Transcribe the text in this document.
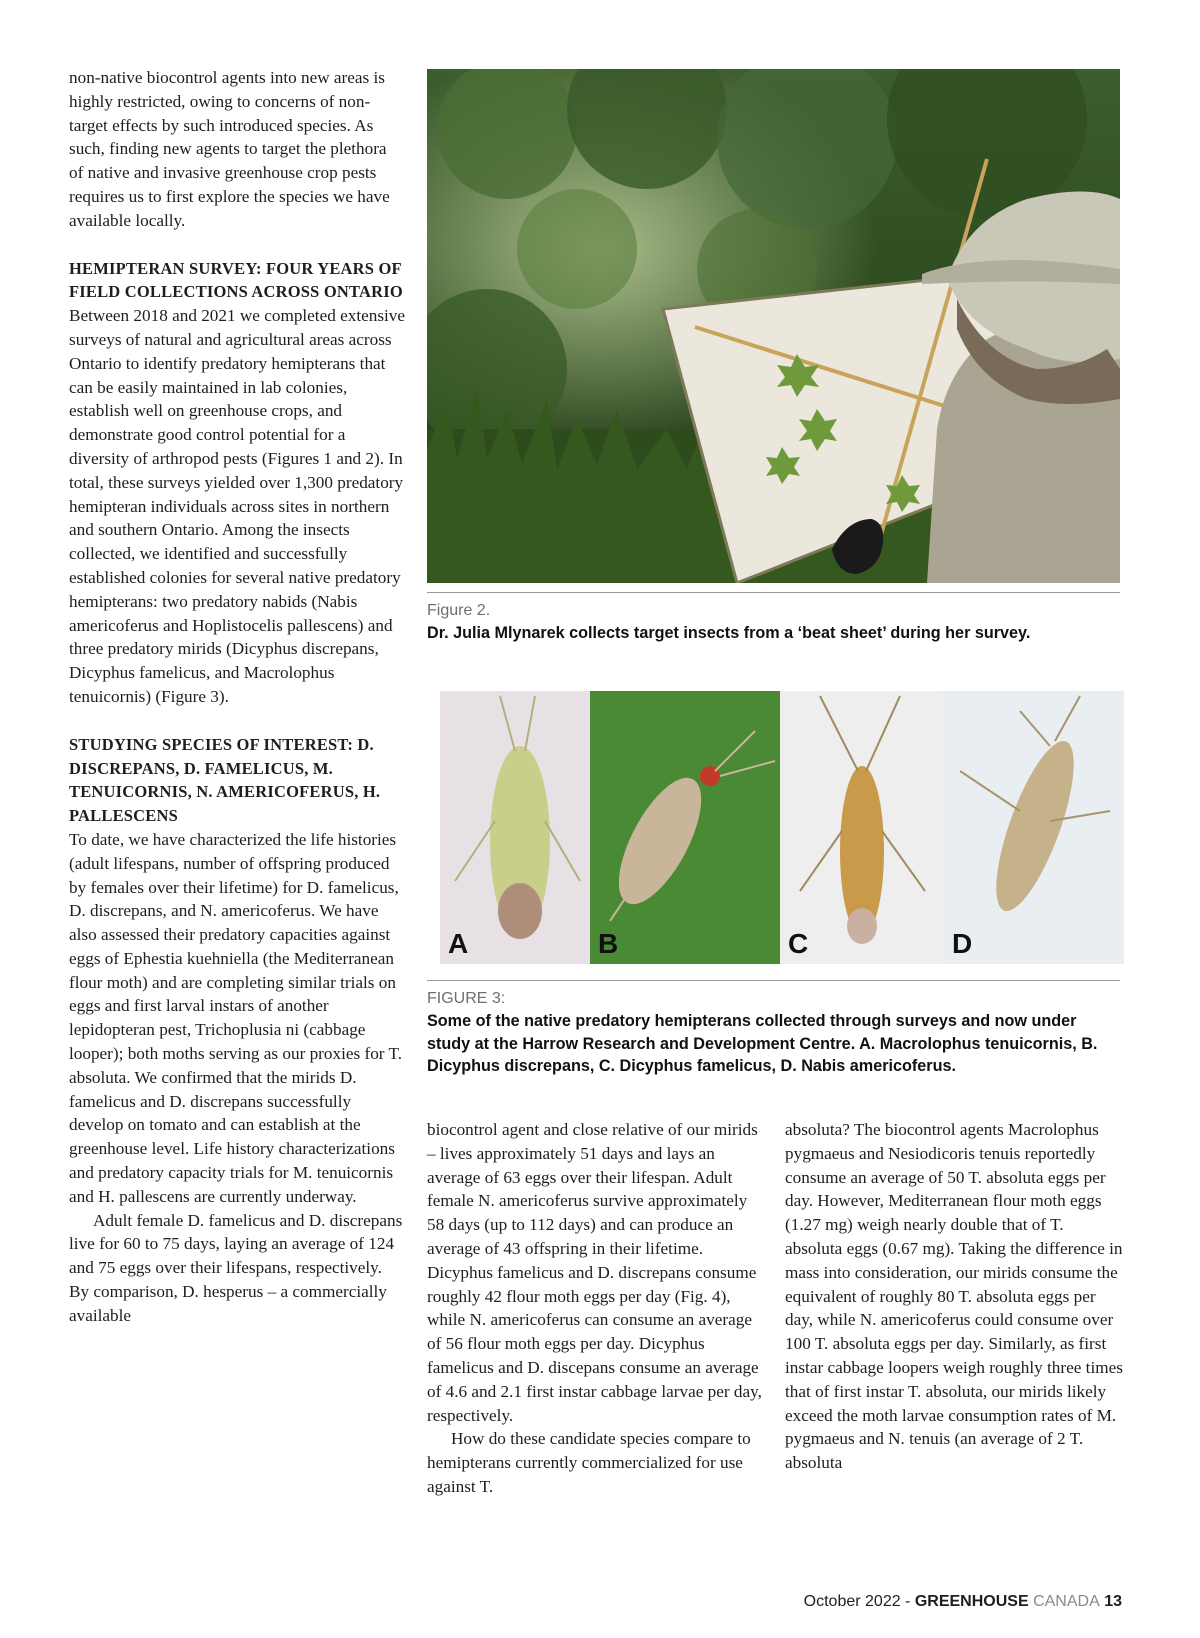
non-native biocontrol agents into new areas is highly restricted, owing to concerns of non-target effects by such introduced species. As such, finding new agents to target the plethora of native and invasive greenhouse crop pests requires us to first explore the species we have available locally.

HEMIPTERAN SURVEY: FOUR YEARS OF FIELD COLLECTIONS ACROSS ONTARIO

Between 2018 and 2021 we completed extensive surveys of natural and agricultural areas across Ontario to identify predatory hemipterans that can be easily maintained in lab colonies, establish well on greenhouse crops, and demonstrate good control potential for a diversity of arthropod pests (Figures 1 and 2). In total, these surveys yielded over 1,300 predatory hemipteran individuals across sites in northern and southern Ontario. Among the insects collected, we identified and successfully established colonies for several native predatory hemipterans: two predatory nabids (Nabis americoferus and Hoplistocelis pallescens) and three predatory mirids (Dicyphus discrepans, Dicyphus famelicus, and Macrolophus tenuicornis) (Figure 3).

STUDYING SPECIES OF INTEREST: D. DISCREPANS, D. FAMELICUS, M. TENUICORNIS, N. AMERICOFERUS, H. PALLESCENS

To date, we have characterized the life histories (adult lifespans, number of offspring produced by females over their lifetime) for D. famelicus, D. discrepans, and N. americoferus. We have also assessed their predatory capacities against eggs of Ephestia kuehniella (the Mediterranean flour moth) and are completing similar trials on eggs and first larval instars of another lepidopteran pest, Trichoplusia ni (cabbage looper); both moths serving as our proxies for T. absoluta. We confirmed that the mirids D. famelicus and D. discrepans successfully develop on tomato and can establish at the greenhouse level. Life history characterizations and predatory capacity trials for M. tenuicornis and H. pallescens are currently underway.

Adult female D. famelicus and D. discrepans live for 60 to 75 days, laying an average of 124 and 75 eggs over their lifespans, respectively. By comparison, D. hesperus – a commercially available

Figure 2.
Dr. Julia Mlynarek collects target insects from a ‘beat sheet’ during her survey.
A	B	C	D
FIGURE 3:
Some of the native predatory hemipterans collected through surveys and now under study at the Harrow Research and Development Centre. A. Macrolophus tenuicornis, B. Dicyphus discrepans, C. Dicyphus famelicus, D. Nabis americoferus.

biocontrol agent and close relative of our mirids – lives approximately 51 days and lays an average of 63 eggs over their lifespan. Adult female N. americoferus survive approximately 58 days (up to 112 days) and can produce an average of 43 offspring in their lifetime. Dicyphus famelicus and D. discrepans consume roughly 42 flour moth eggs per day (Fig. 4), while N. americoferus can consume an average of 56 flour moth eggs per day. Dicyphus famelicus and D. discepans consume an average of 4.6 and 2.1 first instar cabbage larvae per day, respectively.

How do these candidate species compare to hemipterans currently commercialized for use against T.

absoluta? The biocontrol agents Macrolophus pygmaeus and Nesiodicoris tenuis reportedly consume an average of 50 T. absoluta eggs per day. However, Mediterranean flour moth eggs (1.27 mg) weigh nearly double that of T. absoluta eggs (0.67 mg). Taking the difference in mass into consideration, our mirids consume the equivalent of roughly 80 T. absoluta eggs per day, while N. americoferus could consume over 100 T. absoluta eggs per day. Similarly, as first instar cabbage loopers weigh roughly three times that of first instar T. absoluta, our mirids likely exceed the moth larvae consumption rates of M. pygmaeus and N. tenuis (an average of 2 T. absoluta

October 2022 - GREENHOUSE CANADA 13
